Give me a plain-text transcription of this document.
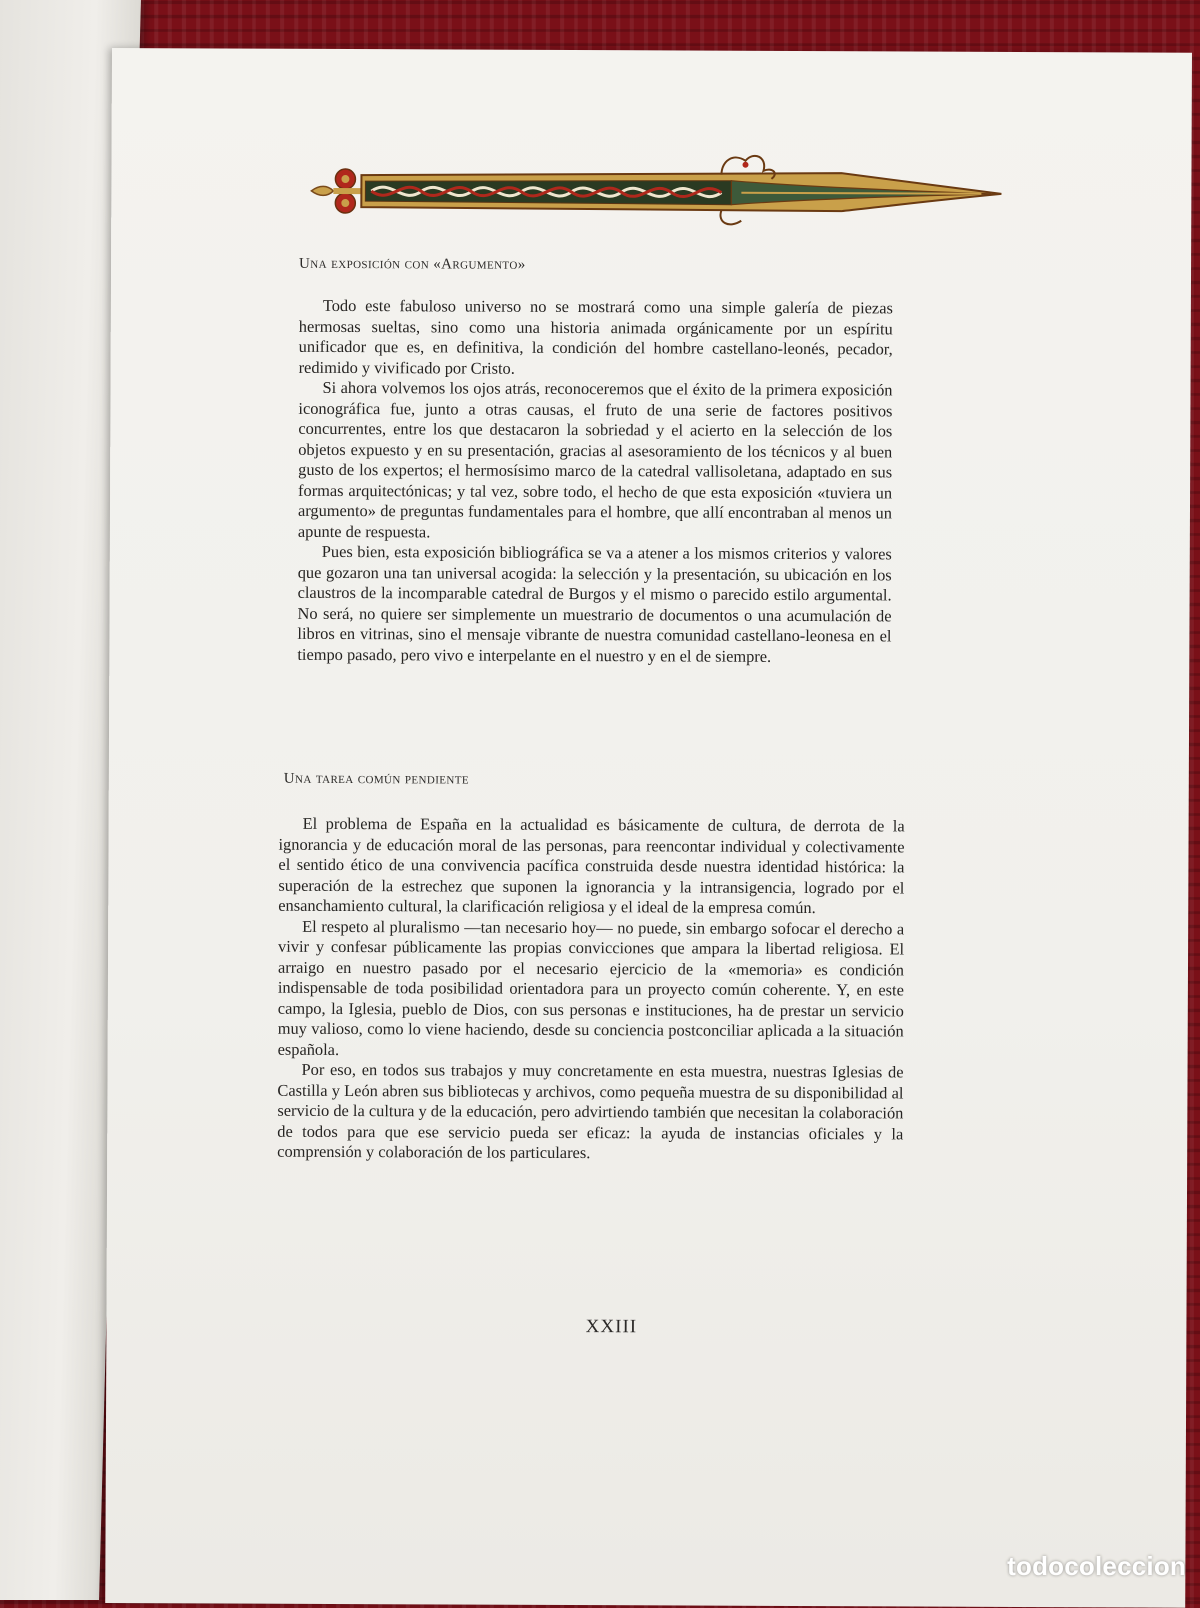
Una exposición con «Argumento»

Todo este fabuloso universo no se mostrará como una simple galería de piezas hermosas sueltas, sino como una historia animada orgánicamente por un espíritu unificador que es, en definitiva, la condición del hombre castellano-leonés, pecador, redimido y vivificado por Cristo.

Si ahora volvemos los ojos atrás, reconoceremos que el éxito de la primera exposición iconográfica fue, junto a otras causas, el fruto de una serie de factores positivos concurrentes, entre los que destacaron la sobriedad y el acierto en la selección de los objetos expuesto y en su presentación, gracias al asesoramiento de los técnicos y al buen gusto de los expertos; el hermosísimo marco de la catedral vallisoletana, adaptado en sus formas arquitectónicas; y tal vez, sobre todo, el hecho de que esta exposición «tuviera un argumento» de preguntas fundamentales para el hombre, que allí encontraban al menos un apunte de respuesta.

Pues bien, esta exposición bibliográfica se va a atener a los mismos criterios y valores que gozaron una tan universal acogida: la selección y la presentación, su ubicación en los claustros de la incomparable catedral de Burgos y el mismo o parecido estilo argumental. No será, no quiere ser simplemente un muestrario de documentos o una acumulación de libros en vitrinas, sino el mensaje vibrante de nuestra comunidad castellano-leonesa en el tiempo pasado, pero vivo e interpelante en el nuestro y en el de siempre.

Una tarea común pendiente

El problema de España en la actualidad es básicamente de cultura, de derrota de la ignorancia y de educación moral de las personas, para reencontar individual y colectivamente el sentido ético de una convivencia pacífica construida desde nuestra identidad histórica: la superación de la estrechez que suponen la ignorancia y la intransigencia, logrado por el ensanchamiento cultural, la clarificación religiosa y el ideal de la empresa común.

El respeto al pluralismo —tan necesario hoy— no puede, sin embargo sofocar el derecho a vivir y confesar públicamente las propias convicciones que ampara la libertad religiosa. El arraigo en nuestro pasado por el necesario ejercicio de la «memoria» es condición indispensable de toda posibilidad orientadora para un proyecto común coherente. Y, en este campo, la Iglesia, pueblo de Dios, con sus personas e instituciones, ha de prestar un servicio muy valioso, como lo viene haciendo, desde su conciencia postconciliar aplicada a la situación española.

Por eso, en todos sus trabajos y muy concretamente en esta muestra, nuestras Iglesias de Castilla y León abren sus bibliotecas y archivos, como pequeña muestra de su disponibilidad al servicio de la cultura y de la educación, pero advirtiendo también que necesitan la colaboración de todos para que ese servicio pueda ser eficaz: la ayuda de instancias oficiales y la comprensión y colaboración de los particulares.

XXIII
todocoleccion
